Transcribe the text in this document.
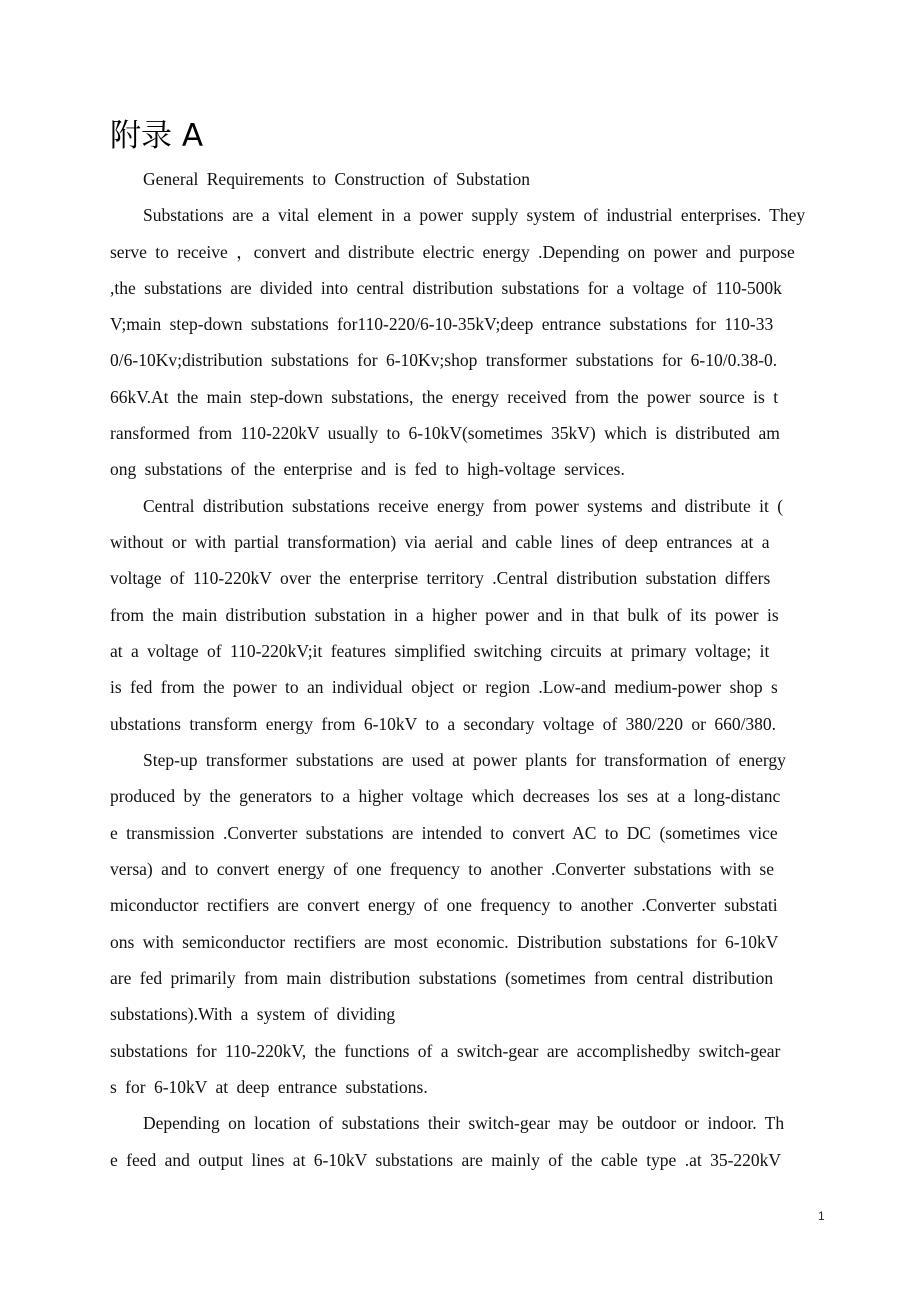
附录 A
General Requirements to Construction of Substation
Substations are a vital element in a power supply system of industrial enterprises. They
serve to receive ，convert and distribute electric energy .Depending on power and purpose
,the substations are divided into central distribution substations for a voltage of 110-500k
V;main step-down substations for110-220/6-10-35kV;deep entrance substations for 110-33
0/6-10Kv;distribution substations for 6-10Kv;shop transformer substations for 6-10/0.38-0.
66kV.At the main step-down substations, the energy received from the power source is t
ransformed from 110-220kV usually to 6-10kV(sometimes 35kV) which is distributed am
ong substations of the enterprise and is fed to high-voltage services.
Central distribution substations receive energy from power systems and distribute it (
without or with partial transformation) via aerial and cable lines of deep entrances at a
voltage of 110-220kV over the enterprise territory .Central distribution substation differs
from the main distribution substation in a higher power and in that bulk of its power is
at a voltage of 110-220kV;it features simplified switching circuits at primary voltage; it
is fed from the power to an individual object or region .Low-and medium-power shop s
ubstations transform energy from 6-10kV to a secondary voltage of 380/220 or 660/380.
Step-up transformer substations are used at power plants for transformation of energy
produced by the generators to a higher voltage which decreases los ses at a long-distanc
e transmission .Converter substations are intended to convert AC to DC (sometimes vice
versa) and to convert energy of one frequency to another .Converter substations with se
miconductor rectifiers are convert energy of one frequency to another .Converter substati
ons with semiconductor rectifiers are most economic. Distribution substations for 6-10kV
are fed primarily from main distribution substations (sometimes from central distribution
substations).With a system of dividing
substations for 110-220kV, the functions of a switch-gear are accomplishedby switch-gear
s for 6-10kV at deep entrance substations.
Depending on location of substations their switch-gear may be outdoor or indoor. Th
e feed and output lines at 6-10kV substations are mainly of the cable type .at 35-220kV
1
